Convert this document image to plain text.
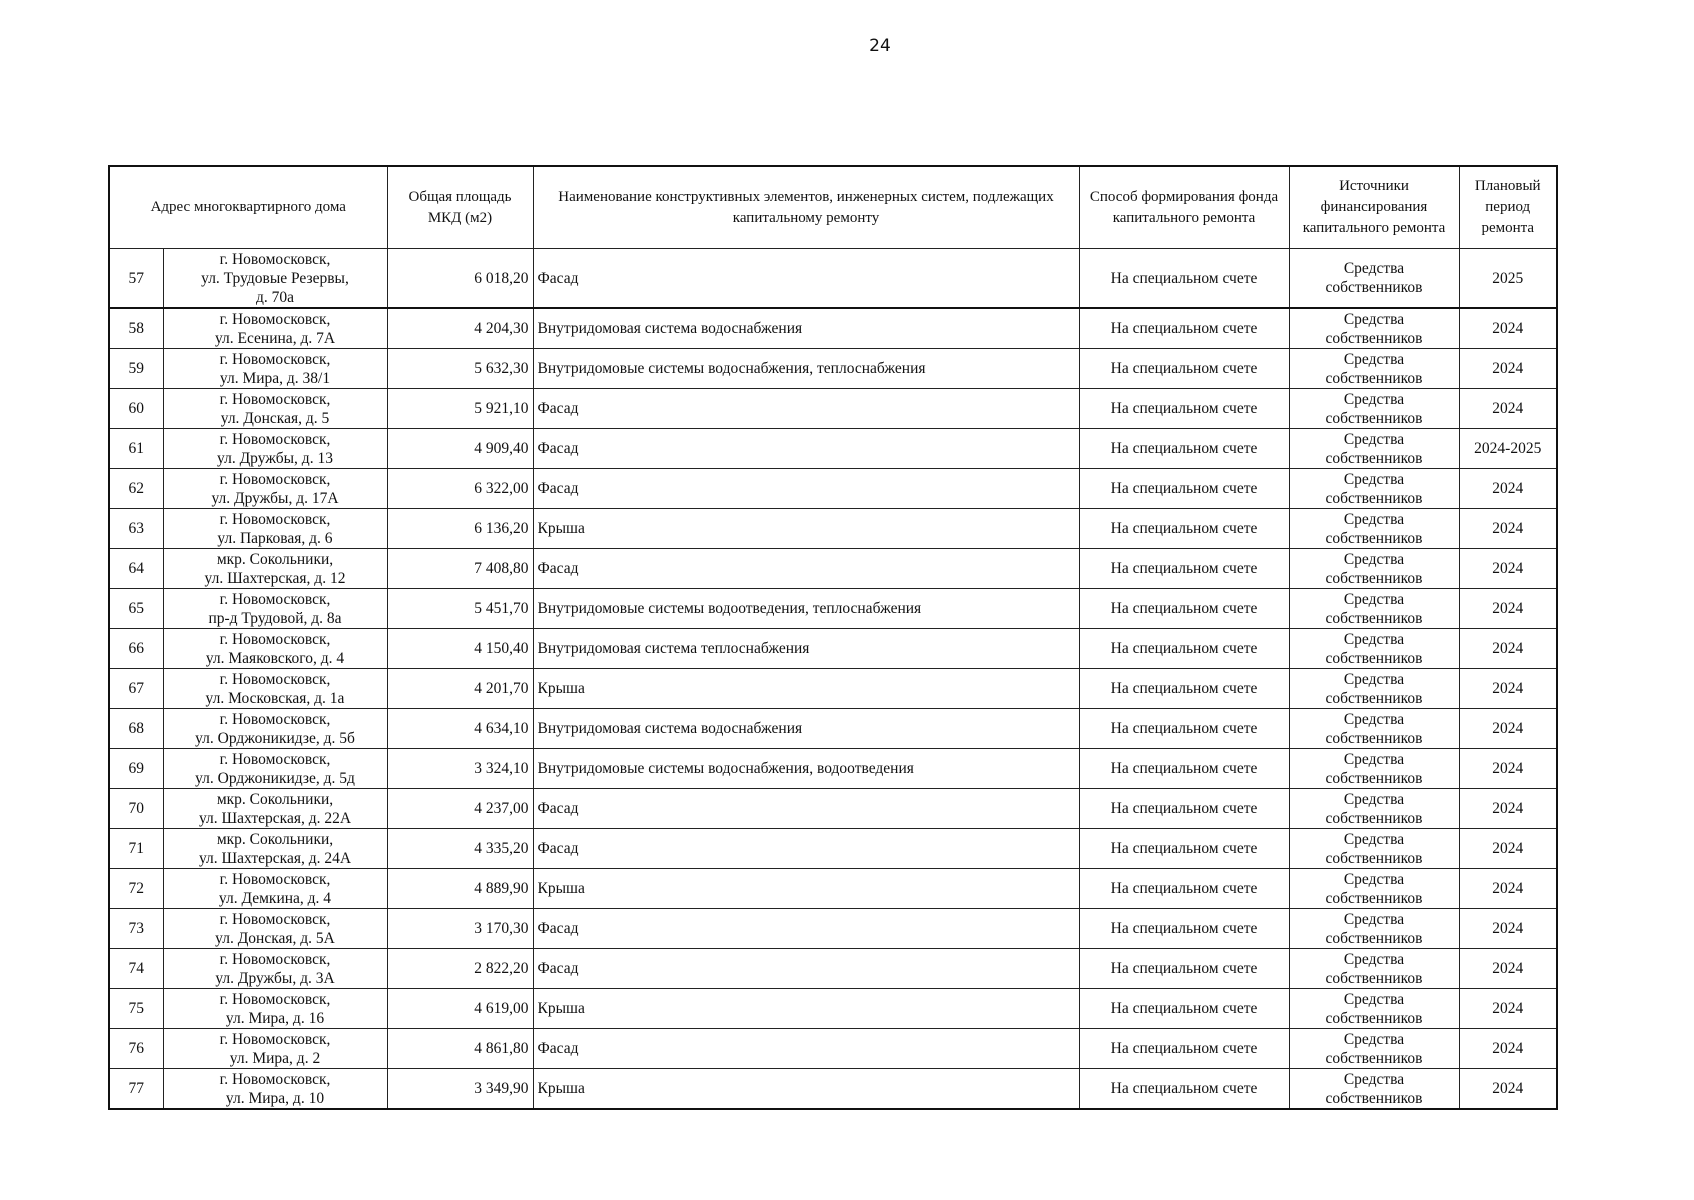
24
Адрес многоквартирного дома		Общая площадь МКД (м2)	Наименование конструктивных элементов, инженерных систем, подлежащих капитальному ремонту	Способ формирования фонда капитального ремонта	Источники финансирования капитального ремонта	Плановый период ремонта
57	г. Новомосковск,
ул. Трудовые Резервы,
д. 70а	6 018,20	Фасад	На специальном счете	Средства
собственников	2025
58	г. Новомосковск,
ул. Есенина, д. 7А	4 204,30	Внутридомовая система водоснабжения	На специальном счете	Средства
собственников	2024
59	г. Новомосковск,
ул. Мира, д. 38/1	5 632,30	Внутридомовые системы водоснабжения, теплоснабжения	На специальном счете	Средства
собственников	2024
60	г. Новомосковск,
ул. Донская, д. 5	5 921,10	Фасад	На специальном счете	Средства
собственников	2024
61	г. Новомосковск,
ул. Дружбы, д. 13	4 909,40	Фасад	На специальном счете	Средства
собственников	2024-2025
62	г. Новомосковск,
ул. Дружбы, д. 17А	6 322,00	Фасад	На специальном счете	Средства
собственников	2024
63	г. Новомосковск,
ул. Парковая, д. 6	6 136,20	Крыша	На специальном счете	Средства
собственников	2024
64	мкр. Сокольники,
ул. Шахтерская, д. 12	7 408,80	Фасад	На специальном счете	Средства
собственников	2024
65	г. Новомосковск,
пр-д Трудовой, д. 8а	5 451,70	Внутридомовые системы водоотведения, теплоснабжения	На специальном счете	Средства
собственников	2024
66	г. Новомосковск,
ул. Маяковского, д. 4	4 150,40	Внутридомовая система теплоснабжения	На специальном счете	Средства
собственников	2024
67	г. Новомосковск,
ул. Московская, д. 1а	4 201,70	Крыша	На специальном счете	Средства
собственников	2024
68	г. Новомосковск,
ул. Орджоникидзе, д. 5б	4 634,10	Внутридомовая система водоснабжения	На специальном счете	Средства
собственников	2024
69	г. Новомосковск,
ул. Орджоникидзе, д. 5д	3 324,10	Внутридомовые системы водоснабжения, водоотведения	На специальном счете	Средства
собственников	2024
70	мкр. Сокольники,
ул. Шахтерская, д. 22А	4 237,00	Фасад	На специальном счете	Средства
собственников	2024
71	мкр. Сокольники,
ул. Шахтерская, д. 24А	4 335,20	Фасад	На специальном счете	Средства
собственников	2024
72	г. Новомосковск,
ул. Демкина, д. 4	4 889,90	Крыша	На специальном счете	Средства
собственников	2024
73	г. Новомосковск,
ул. Донская, д. 5А	3 170,30	Фасад	На специальном счете	Средства
собственников	2024
74	г. Новомосковск,
ул. Дружбы, д. 3А	2 822,20	Фасад	На специальном счете	Средства
собственников	2024
75	г. Новомосковск,
ул. Мира, д. 16	4 619,00	Крыша	На специальном счете	Средства
собственников	2024
76	г. Новомосковск,
ул. Мира, д. 2	4 861,80	Фасад	На специальном счете	Средства
собственников	2024
77	г. Новомосковск,
ул. Мира, д. 10	3 349,90	Крыша	На специальном счете	Средства
собственников	2024
